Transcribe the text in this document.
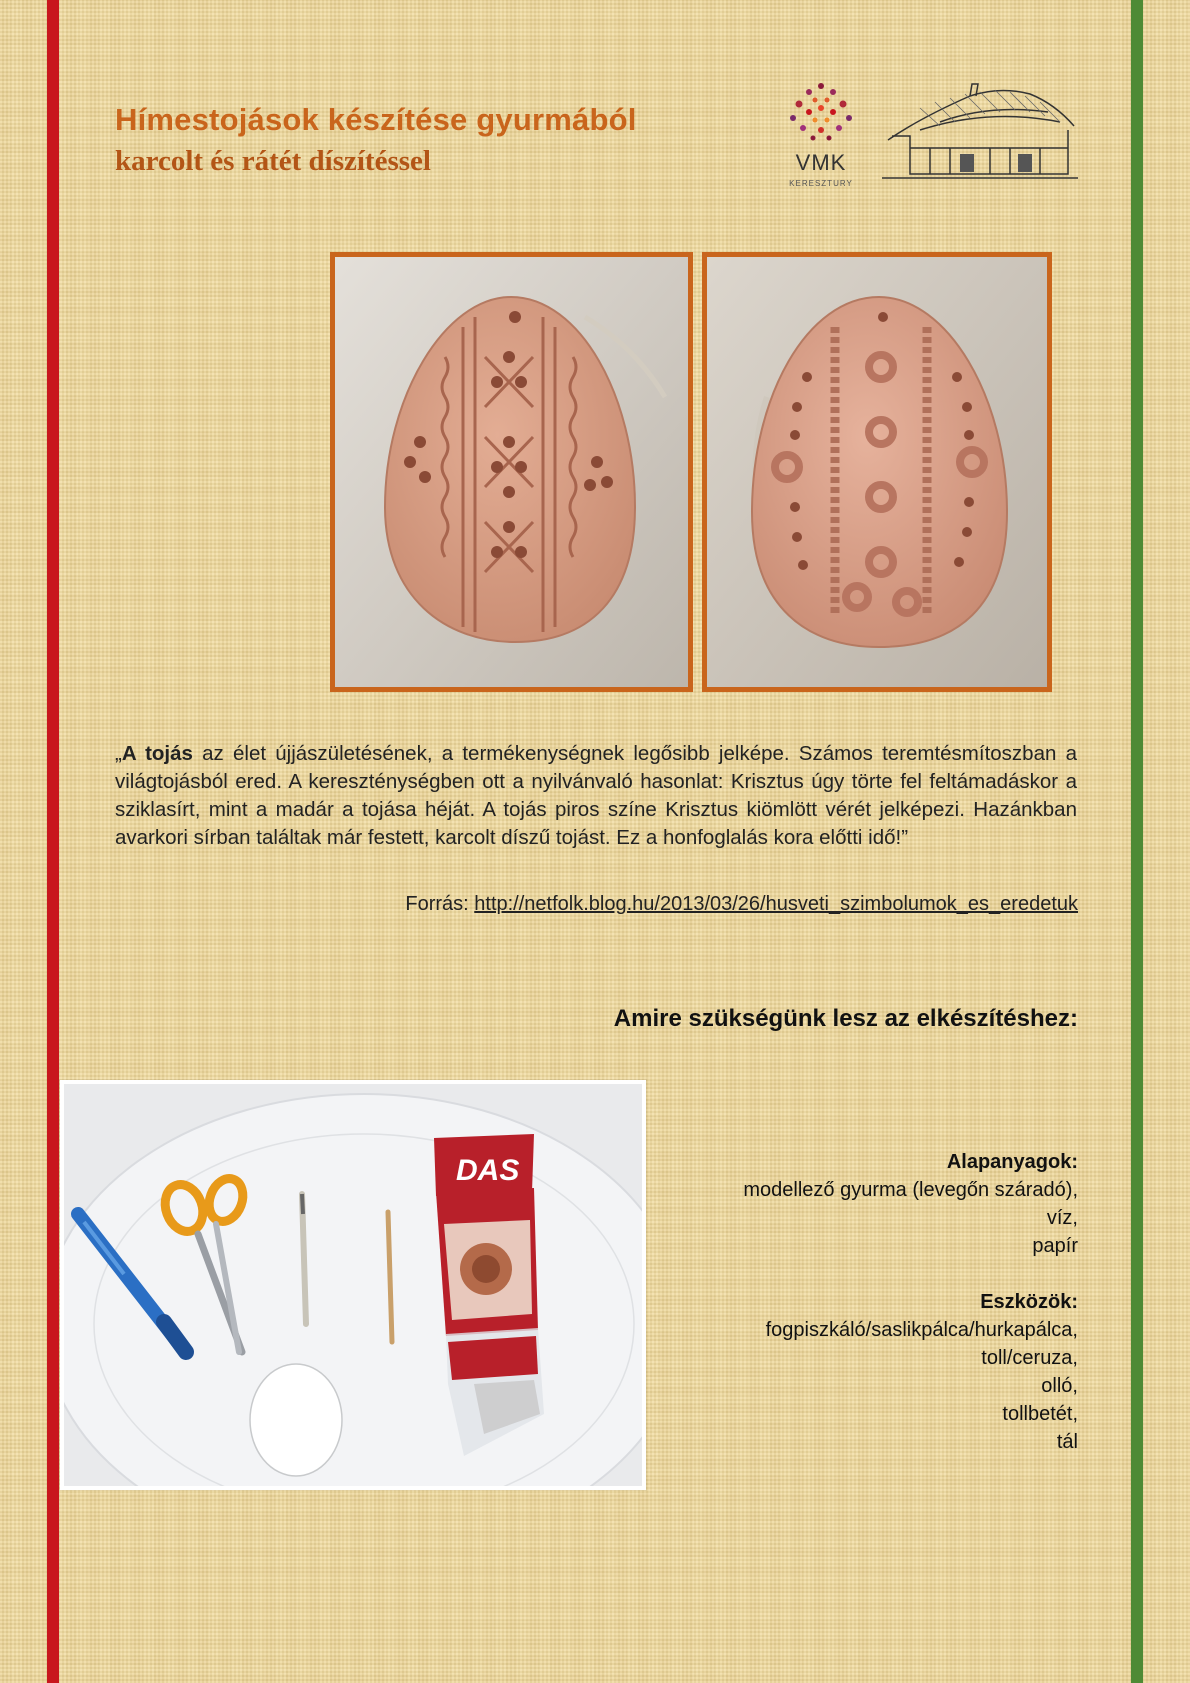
Hímestojások készítése gyurmából
karcolt és rátét díszítéssel	VMK
KERESZTURY

„A tojás az élet újjászületésének, a termékenységnek legősibb jelképe. Számos teremtésmítoszban a világtojásból ered. A kereszténységben ott a nyilvánvaló hasonlat: Krisztus úgy törte fel feltámadáskor a sziklasírt, mint a madár a tojása héját. A tojás piros színe Krisztus kiömlött vérét jelképezi. Hazánkban avarkori sírban találtak már festett, karcolt díszű tojást. Ez a honfoglalás kora előtti idő!”

Forrás: http://netfolk.blog.hu/2013/03/26/husveti_szimbolumok_es_eredetuk
Amire szükségünk lesz az elkészítéshez:
DAS	Alapanyagok:
modellező gyurma (levegőn száradó),
víz,
papír
Eszközök:
fogpiszkáló/saslikpálca/hurkapálca,
toll/ceruza,
olló,
tollbetét,
tál
